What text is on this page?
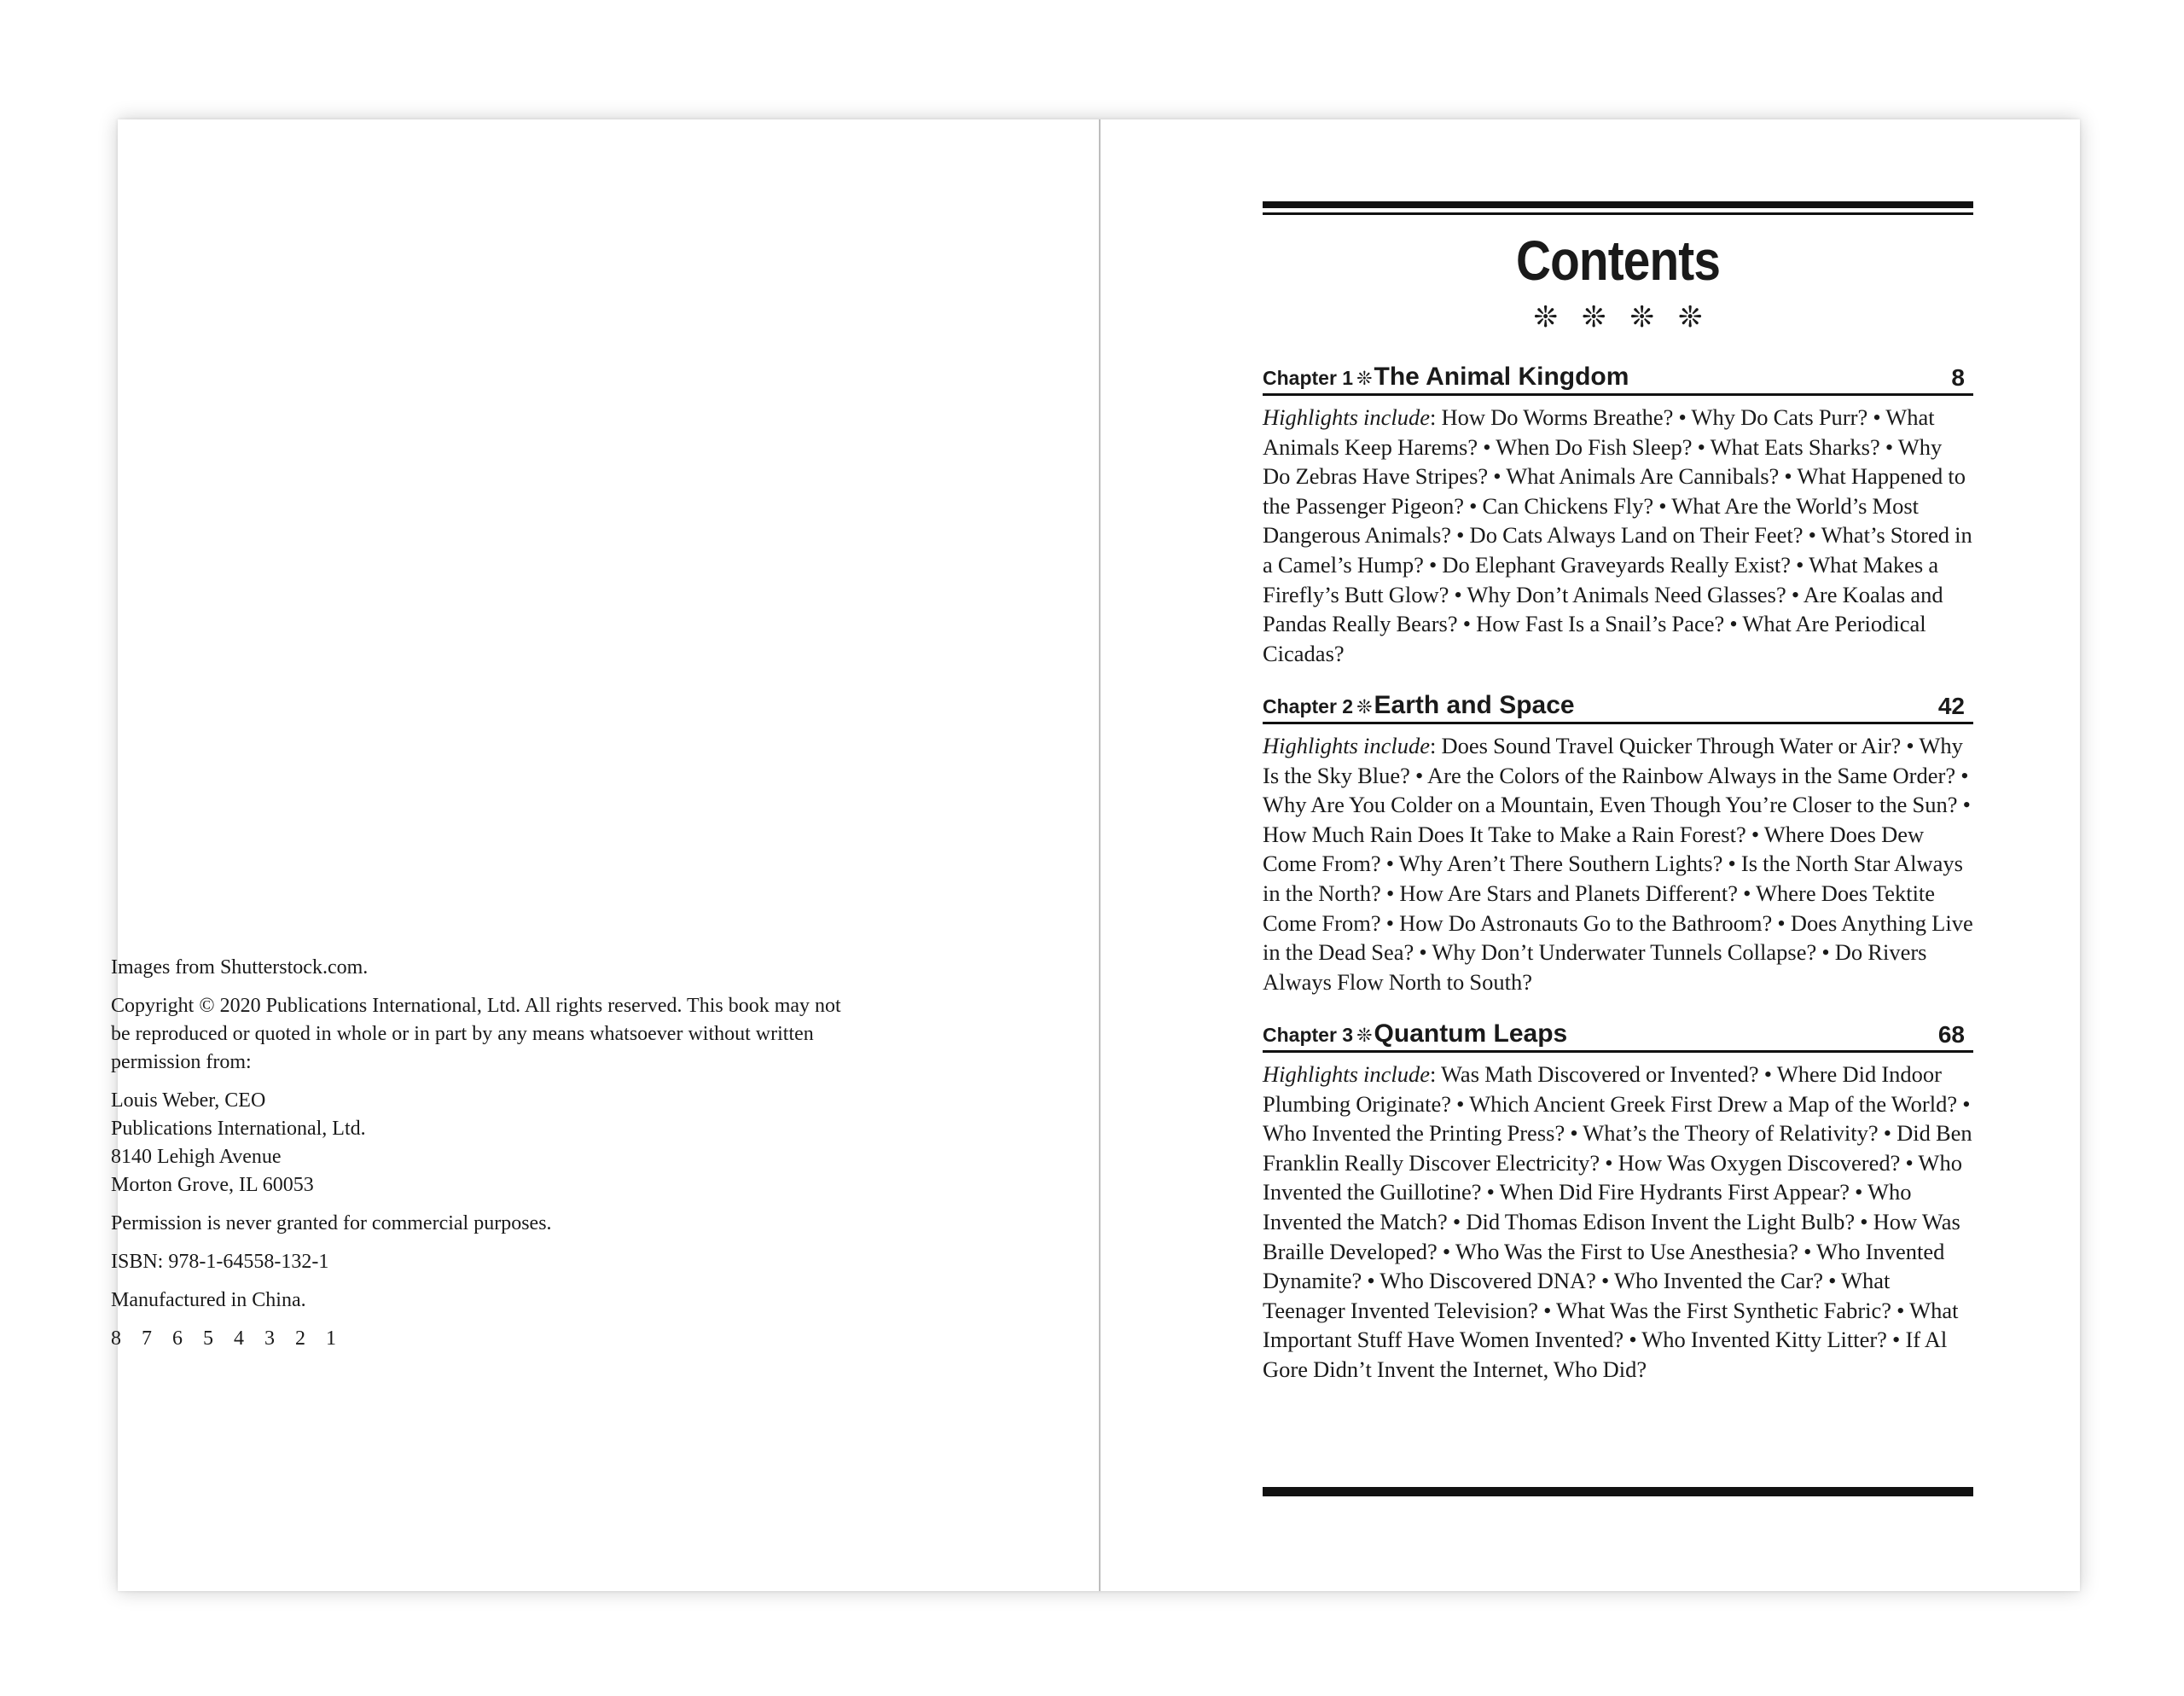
Images from Shutterstock.com.

Copyright © 2020 Publications International, Ltd. All rights reserved. This book may not be reproduced or quoted in whole or in part by any means whatsoever without written permission from:

Louis Weber, CEO
Publications International, Ltd.
8140 Lehigh Avenue
Morton Grove, IL 60053

Permission is never granted for commercial purposes.

ISBN: 978-1-64558-132-1

Manufactured in China.

8 7 6 5 4 3 2 1

Contents
❊❊❊❊
Chapter 1 ❊The Animal Kingdom	8
Highlights include: How Do Worms Breathe? • Why Do Cats Purr? • What Animals Keep Harems? • When Do Fish Sleep? • What Eats Sharks? • Why Do Zebras Have Stripes? • What Animals Are Cannibals? • What Happened to the Passenger Pigeon? • Can Chickens Fly? • What Are the World’s Most Dangerous Animals? • Do Cats Always Land on Their Feet? • What’s Stored in a Camel’s Hump? • Do Elephant Graveyards Really Exist? • What Makes a Firefly’s Butt Glow? • Why Don’t Animals Need Glasses? • Are Koalas and Pandas Really Bears? • How Fast Is a Snail’s Pace? • What Are Periodical Cicadas?
Chapter 2 ❊Earth and Space	42
Highlights include: Does Sound Travel Quicker Through Water or Air? • Why Is the Sky Blue? • Are the Colors of the Rainbow Always in the Same Order? • Why Are You Colder on a Mountain, Even Though You’re Closer to the Sun? • How Much Rain Does It Take to Make a Rain Forest? • Where Does Dew Come From? • Why Aren’t There Southern Lights? • Is the North Star Always in the North? • How Are Stars and Planets Different? • Where Does Tektite Come From? • How Do Astronauts Go to the Bathroom? • Does Anything Live in the Dead Sea? • Why Don’t Underwater Tunnels Collapse? • Do Rivers Always Flow North to South?
Chapter 3 ❊Quantum Leaps	68
Highlights include: Was Math Discovered or Invented? • Where Did Indoor Plumbing Originate? • Which Ancient Greek First Drew a Map of the World? • Who Invented the Printing Press? • What’s the Theory of Relativity? • Did Ben Franklin Really Discover Electricity? • How Was Oxygen Discovered? • Who Invented the Guillotine? • When Did Fire Hydrants First Appear? • Who Invented the Match? • Did Thomas Edison Invent the Light Bulb? • How Was Braille Developed? • Who Was the First to Use Anesthesia? • Who Invented Dynamite? • Who Discovered DNA? • Who Invented the Car? • What Teenager Invented Television? • What Was the First Synthetic Fabric? • What Important Stuff Have Women Invented? • Who Invented Kitty Litter? • If Al Gore Didn’t Invent the Internet, Who Did?
